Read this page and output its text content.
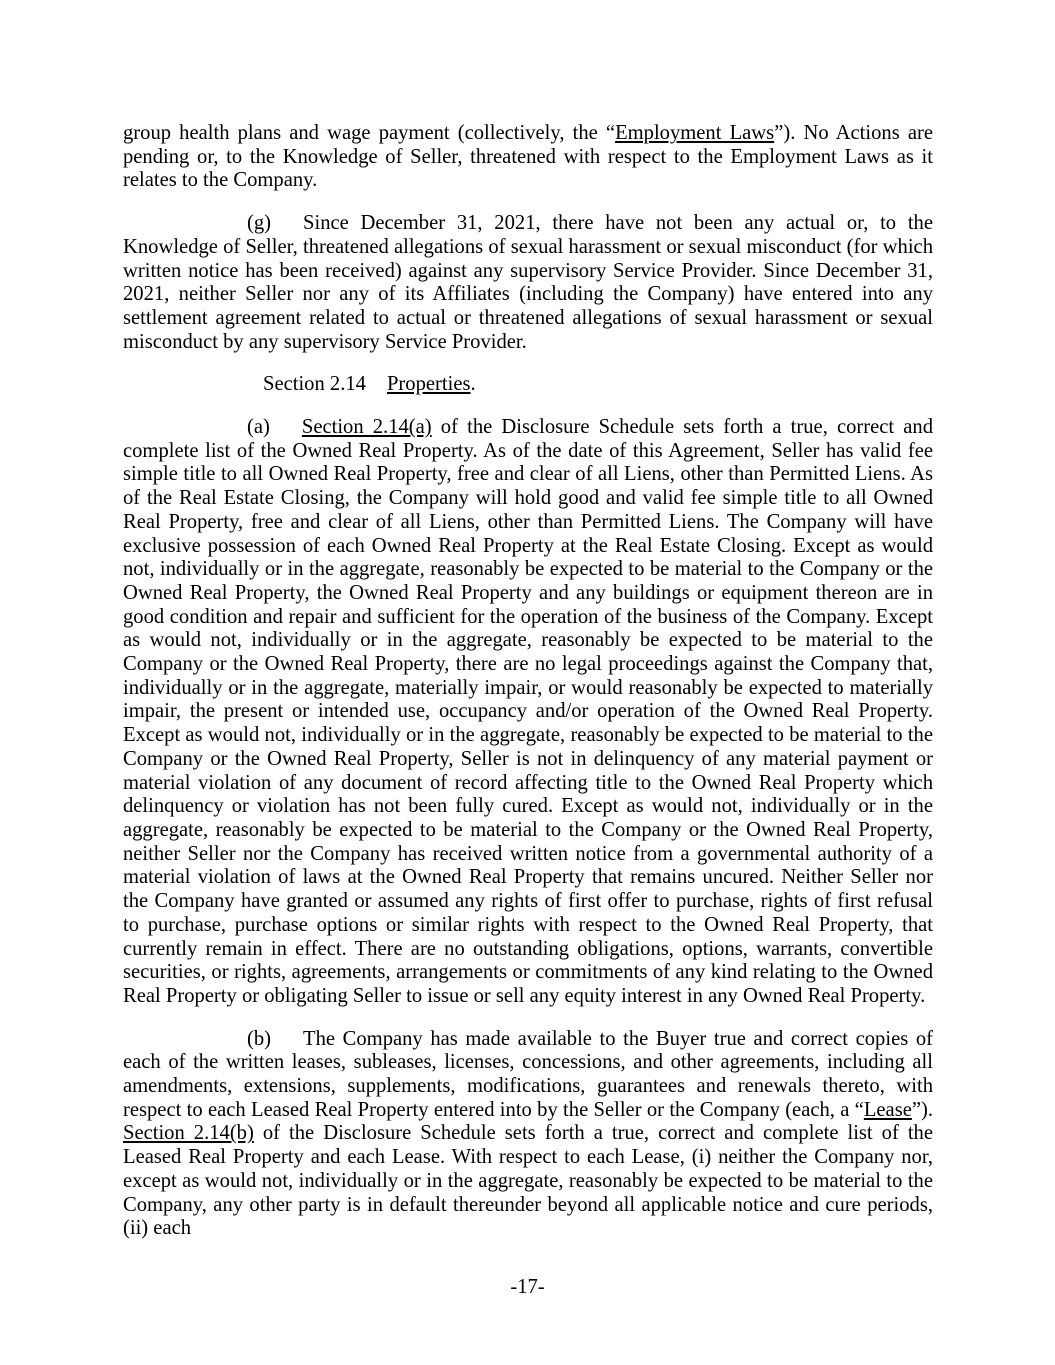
group health plans and wage payment (collectively, the “Employment Laws”). No Actions are pending or, to the Knowledge of Seller, threatened with respect to the Employment Laws as it relates to the Company.

(g) Since December 31, 2021, there have not been any actual or, to the Knowledge of Seller, threatened allegations of sexual harassment or sexual misconduct (for which written notice has been received) against any supervisory Service Provider. Since December 31, 2021, neither Seller nor any of its Affiliates (including the Company) have entered into any settlement agreement related to actual or threatened allegations of sexual harassment or sexual misconduct by any supervisory Service Provider.

Section 2.14 Properties.

(a) Section 2.14(a) of the Disclosure Schedule sets forth a true, correct and complete list of the Owned Real Property. As of the date of this Agreement, Seller has valid fee simple title to all Owned Real Property, free and clear of all Liens, other than Permitted Liens. As of the Real Estate Closing, the Company will hold good and valid fee simple title to all Owned Real Property, free and clear of all Liens, other than Permitted Liens. The Company will have exclusive possession of each Owned Real Property at the Real Estate Closing. Except as would not, individually or in the aggregate, reasonably be expected to be material to the Company or the Owned Real Property, the Owned Real Property and any buildings or equipment thereon are in good condition and repair and sufficient for the operation of the business of the Company. Except as would not, individually or in the aggregate, reasonably be expected to be material to the Company or the Owned Real Property, there are no legal proceedings against the Company that, individually or in the aggregate, materially impair, or would reasonably be expected to materially impair, the present or intended use, occupancy and/or operation of the Owned Real Property. Except as would not, individually or in the aggregate, reasonably be expected to be material to the Company or the Owned Real Property, Seller is not in delinquency of any material payment or material violation of any document of record affecting title to the Owned Real Property which delinquency or violation has not been fully cured. Except as would not, individually or in the aggregate, reasonably be expected to be material to the Company or the Owned Real Property, neither Seller nor the Company has received written notice from a governmental authority of a material violation of laws at the Owned Real Property that remains uncured. Neither Seller nor the Company have granted or assumed any rights of first offer to purchase, rights of first refusal to purchase, purchase options or similar rights with respect to the Owned Real Property, that currently remain in effect. There are no outstanding obligations, options, warrants, convertible securities, or rights, agreements, arrangements or commitments of any kind relating to the Owned Real Property or obligating Seller to issue or sell any equity interest in any Owned Real Property.

(b) The Company has made available to the Buyer true and correct copies of each of the written leases, subleases, licenses, concessions, and other agreements, including all amendments, extensions, supplements, modifications, guarantees and renewals thereto, with respect to each Leased Real Property entered into by the Seller or the Company (each, a “Lease”). Section 2.14(b) of the Disclosure Schedule sets forth a true, correct and complete list of the Leased Real Property and each Lease. With respect to each Lease, (i) neither the Company nor, except as would not, individually or in the aggregate, reasonably be expected to be material to the Company, any other party is in default thereunder beyond all applicable notice and cure periods, (ii) each

-17-
